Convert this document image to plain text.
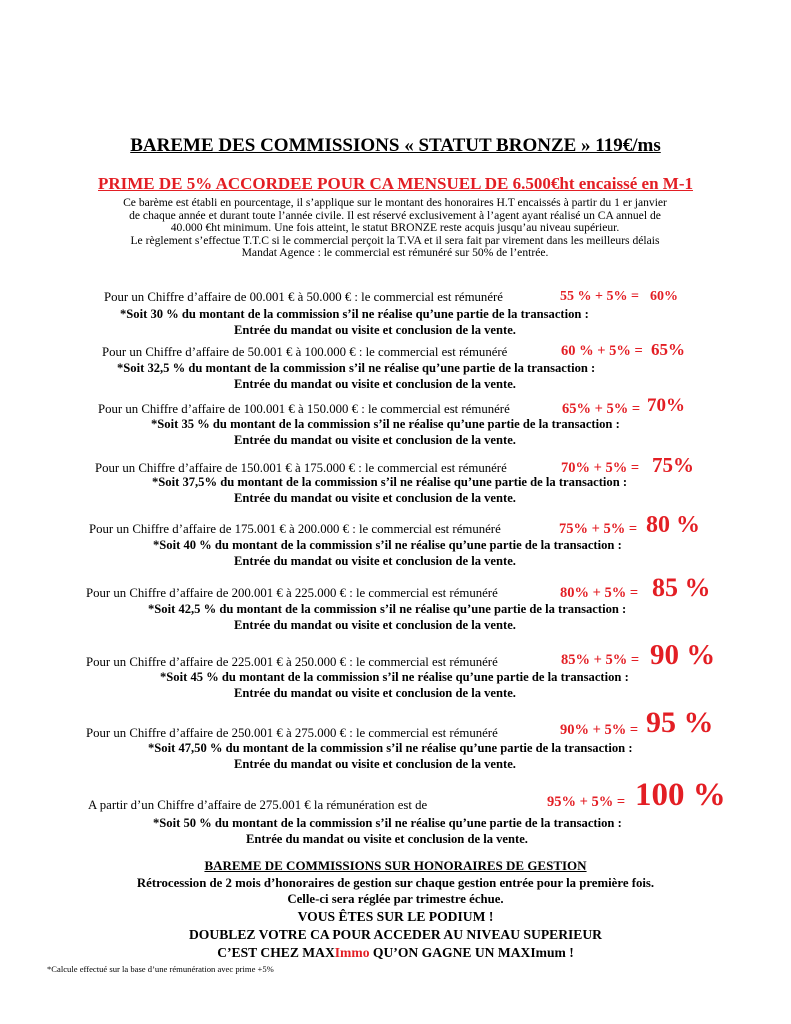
BAREME DES COMMISSIONS « STATUT BRONZE » 119€/ms
PRIME DE 5% ACCORDEE POUR CA MENSUEL DE 6.500€ht encaissé en M-1
Ce barème est établi en pourcentage, il s’applique sur le montant des honoraires H.T encaissés à partir du 1 er janvier
de chaque année et durant toute l’année civile. Il est réservé exclusivement à l’agent ayant réalisé un CA annuel de
40.000 €ht minimum. Une fois atteint, le statut BRONZE reste acquis jusqu’au niveau supérieur.
Le règlement s’effectue T.T.C si le commercial perçoit la T.VA et il sera fait par virement dans les meilleurs délais
Mandat Agence : le commercial est rémunéré sur 50% de l’entrée.
Pour un Chiffre d’affaire de 00.001 € à 50.000 € : le commercial est rémunéré	55 % + 5% = 60%
*Soit 30 % du montant de la commission s’il ne réalise qu’une partie de la transaction :
Entrée du mandat ou visite et conclusion de la vente.
Pour un Chiffre d’affaire de 50.001 € à 100.000 € : le commercial est rémunéré	60 % + 5% = 65%
*Soit 32,5 % du montant de la commission s’il ne réalise qu’une partie de la transaction :
Entrée du mandat ou visite et conclusion de la vente.
Pour un Chiffre d’affaire de 100.001 € à 150.000 € : le commercial est rémunéré	65% + 5% = 70%
*Soit 35 % du montant de la commission s’il ne réalise qu’une partie de la transaction :
Entrée du mandat ou visite et conclusion de la vente.
Pour un Chiffre d’affaire de 150.001 € à 175.000 € : le commercial est rémunéré	70% + 5% = 75%
*Soit 37,5% du montant de la commission s’il ne réalise qu’une partie de la transaction :
Entrée du mandat ou visite et conclusion de la vente.
Pour un Chiffre d’affaire de 175.001 € à 200.000 € : le commercial est rémunéré	75% + 5% = 80 %
*Soit 40 % du montant de la commission s’il ne réalise qu’une partie de la transaction :
Entrée du mandat ou visite et conclusion de la vente.
Pour un Chiffre d’affaire de 200.001 € à 225.000 € : le commercial est rémunéré	80% + 5% = 85 %
*Soit 42,5 % du montant de la commission s’il ne réalise qu’une partie de la transaction :
Entrée du mandat ou visite et conclusion de la vente.
Pour un Chiffre d’affaire de 225.001 € à 250.000 € : le commercial est rémunéré	85% + 5% = 90 %
*Soit 45 % du montant de la commission s’il ne réalise qu’une partie de la transaction :
Entrée du mandat ou visite et conclusion de la vente.
Pour un Chiffre d’affaire de 250.001 € à 275.000 € : le commercial est rémunéré	90% + 5% = 95 %
*Soit 47,50 % du montant de la commission s’il ne réalise qu’une partie de la transaction :
Entrée du mandat ou visite et conclusion de la vente.
A partir d’un Chiffre d’affaire de 275.001 € la rémunération est de	95% + 5% = 100 %
*Soit 50 % du montant de la commission s’il ne réalise qu’une partie de la transaction :
Entrée du mandat ou visite et conclusion de la vente.
BAREME DE COMMISSIONS SUR HONORAIRES DE GESTION
Rétrocession de 2 mois d’honoraires de gestion sur chaque gestion entrée pour la première fois.
Celle-ci sera réglée par trimestre échue.
VOUS ÊTES SUR LE PODIUM !
DOUBLEZ VOTRE CA POUR ACCEDER AU NIVEAU SUPERIEUR
C’EST CHEZ MAXImmo QU’ON GAGNE UN MAXImum !
*Calcule effectué sur la base d’une rémunération avec prime +5%
